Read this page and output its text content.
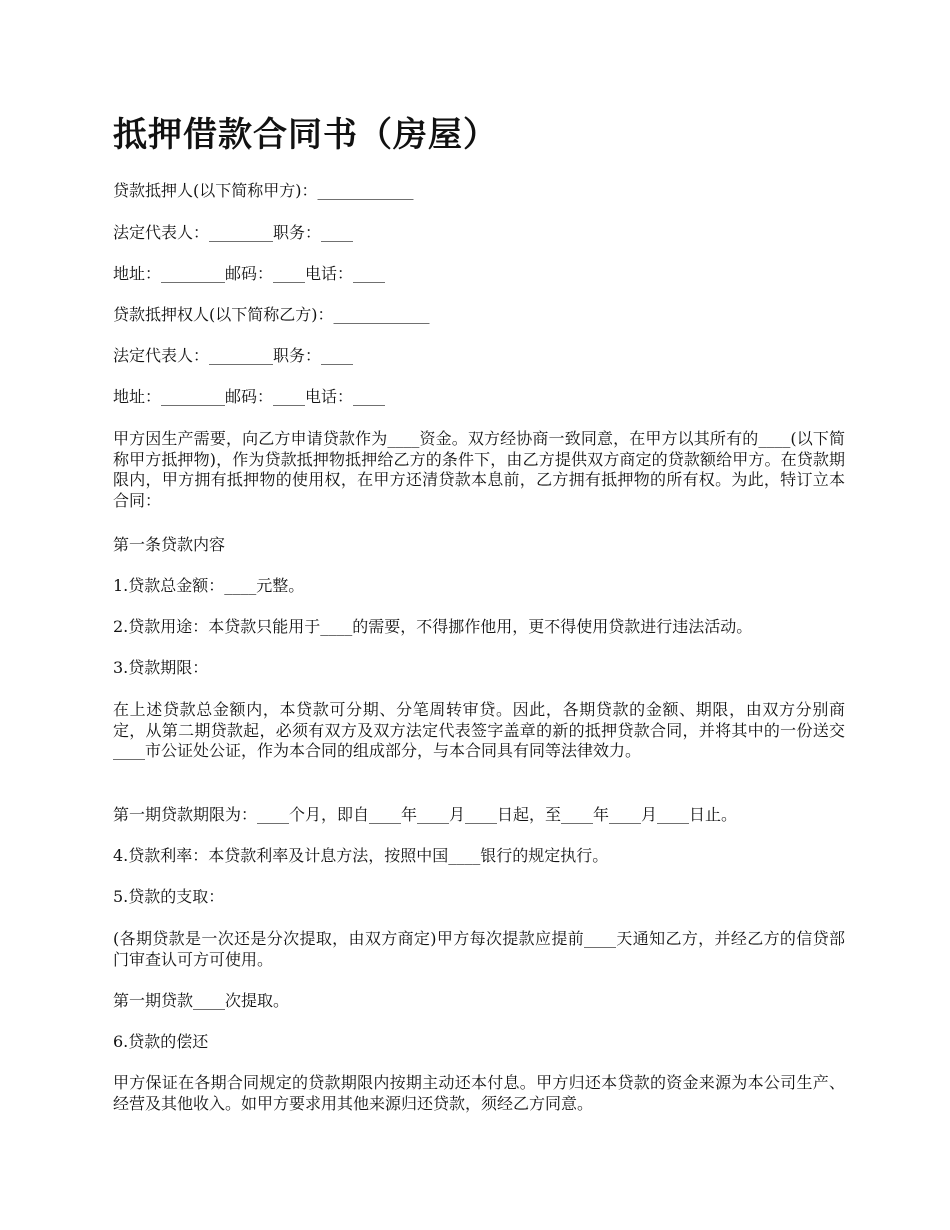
抵押借款合同书（房屋）

贷款抵押人(以下简称甲方)：____________

法定代表人：________职务：____

地址：________邮码：____电话：____

贷款抵押权人(以下简称乙方)：____________

法定代表人：________职务：____

地址：________邮码：____电话：____

甲方因生产需要，向乙方申请贷款作为____资金。双方经协商一致同意，在甲方以其所有的____(以下简称甲方抵押物)，作为贷款抵押物抵押给乙方的条件下，由乙方提供双方商定的贷款额给甲方。在贷款期限内，甲方拥有抵押物的使用权，在甲方还清贷款本息前，乙方拥有抵押物的所有权。为此，特订立本合同：

第一条贷款内容

1.贷款总金额：____元整。

2.贷款用途：本贷款只能用于____的需要，不得挪作他用，更不得使用贷款进行违法活动。

3.贷款期限：

在上述贷款总金额内，本贷款可分期、分笔周转审贷。因此，各期贷款的金额、期限，由双方分别商定，从第二期贷款起，必须有双方及双方法定代表签字盖章的新的抵押贷款合同，并将其中的一份送交____市公证处公证，作为本合同的组成部分，与本合同具有同等法律效力。

第一期贷款期限为：____个月，即自____年____月____日起，至____年____月____日止。

4.贷款利率：本贷款利率及计息方法，按照中国____银行的规定执行。

5.贷款的支取：

(各期贷款是一次还是分次提取，由双方商定)甲方每次提款应提前____天通知乙方，并经乙方的信贷部门审查认可方可使用。

第一期贷款____次提取。

6.贷款的偿还

甲方保证在各期合同规定的贷款期限内按期主动还本付息。甲方归还本贷款的资金来源为本公司生产、经营及其他收入。如甲方要求用其他来源归还贷款，须经乙方同意。
